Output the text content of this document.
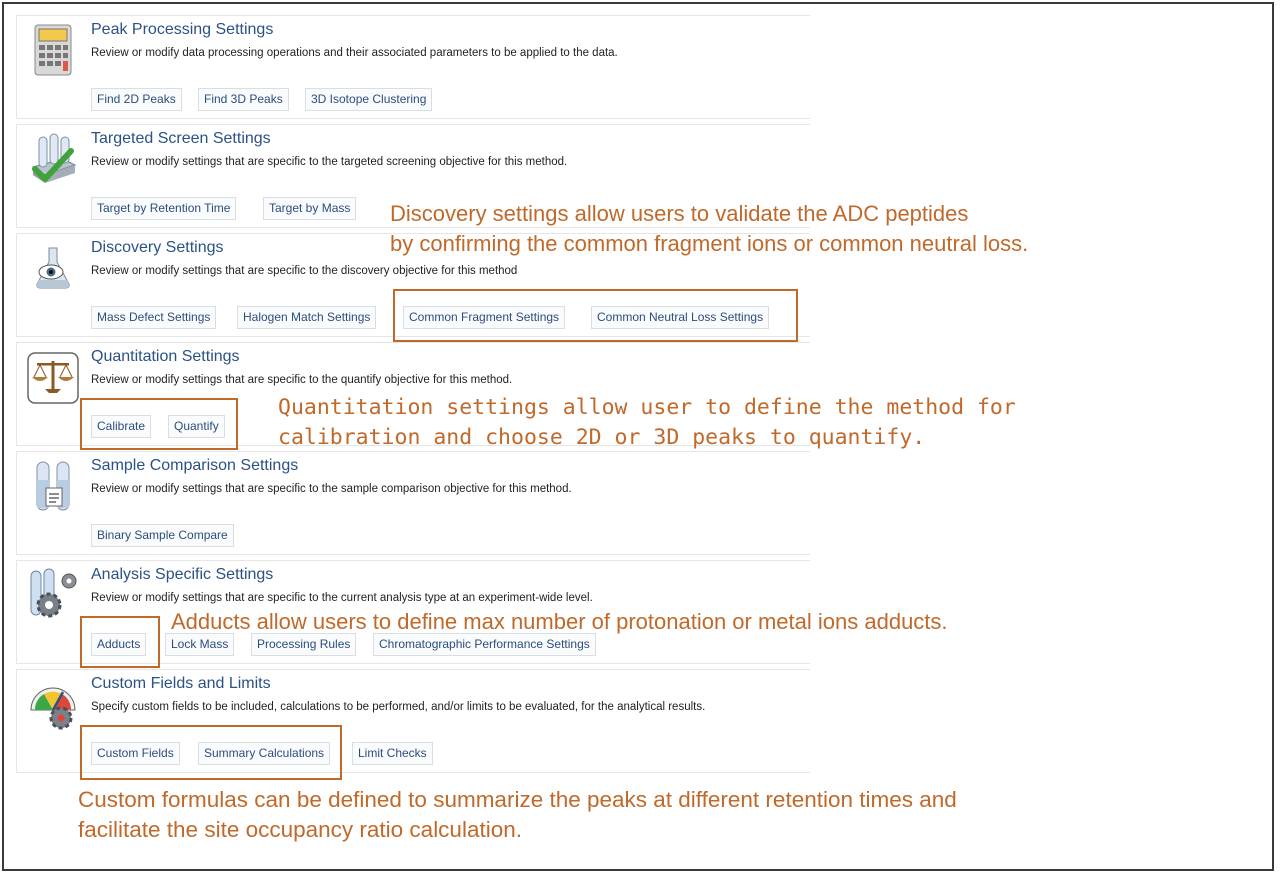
Peak Processing Settings
Review or modify data processing operations and their associated parameters to be applied to the data.
Find 2D Peaks	Find 3D Peaks	3D Isotope Clustering
Targeted Screen Settings
Review or modify settings that are specific to the targeted screening objective for this method.
Target by Retention Time	Target by Mass
Discovery Settings
Review or modify settings that are specific to the discovery objective for this method
Mass Defect Settings	Halogen Match Settings	Common Fragment Settings	Common Neutral Loss Settings
Quantitation Settings
Review or modify settings that are specific to the quantify objective for this method.
Calibrate	Quantify
Sample Comparison Settings
Review or modify settings that are specific to the sample comparison objective for this method.
Binary Sample Compare
Analysis Specific Settings
Review or modify settings that are specific to the current analysis type at an experiment-wide level.
Adducts	Lock Mass	Processing Rules	Chromatographic Performance Settings
Custom Fields and Limits
Specify custom fields to be included, calculations to be performed, and/or limits to be evaluated, for the analytical results.
Custom Fields	Summary Calculations	Limit Checks
Discovery settings allow users to validate the ADC peptides
by confirming the common fragment ions or common neutral loss.
Quantitation settings allow user to define the method for
calibration and choose 2D or 3D peaks to quantify.
Adducts allow users to define max number of protonation or metal ions adducts.
Custom formulas can be defined to summarize the peaks at different retention times and
facilitate the site occupancy ratio calculation.
